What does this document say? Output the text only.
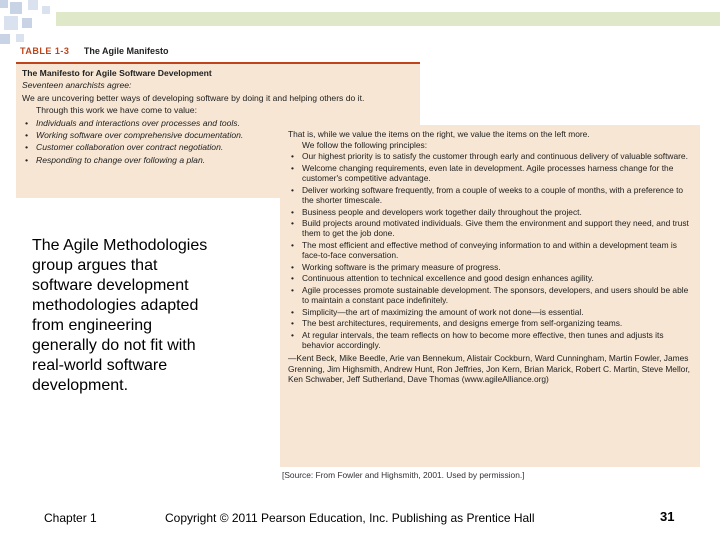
TABLE 1-3 The Agile Manifesto
The Manifesto for Agile Software Development
Seventeen anarchists agree:
We are uncovering better ways of developing software by doing it and helping others do it.
Through this work we have come to value:
• Individuals and interactions over processes and tools.
• Working software over comprehensive documentation.
• Customer collaboration over contract negotiation.
• Responding to change over following a plan.
That is, while we value the items on the right, we value the items on the left more.
We follow the following principles:
• Our highest priority is to satisfy the customer through early and continuous delivery of valuable software.
• Welcome changing requirements, even late in development. Agile processes harness change for the customer's competitive advantage.
• Deliver working software frequently, from a couple of weeks to a couple of months, with a preference to the shorter timescale.
• Business people and developers work together daily throughout the project.
• Build projects around motivated individuals. Give them the environment and support they need, and trust them to get the job done.
• The most efficient and effective method of conveying information to and within a development team is face-to-face conversation.
• Working software is the primary measure of progress.
• Continuous attention to technical excellence and good design enhances agility.
• Agile processes promote sustainable development. The sponsors, developers, and users should be able to maintain a constant pace indefinitely.
• Simplicity—the art of maximizing the amount of work not done—is essential.
• The best architectures, requirements, and designs emerge from self-organizing teams.
• At regular intervals, the team reflects on how to become more effective, then tunes and adjusts its behavior accordingly.
—Kent Beck, Mike Beedle, Arie van Bennekum, Alistair Cockburn, Ward Cunningham, Martin Fowler, James Grenning, Jim Highsmith, Andrew Hunt, Ron Jeffries, Jon Kern, Brian Marick, Robert C. Martin, Steve Mellor, Ken Schwaber, Jeff Sutherland, Dave Thomas (www.agileAlliance.org)
[Source: From Fowler and Highsmith, 2001. Used by permission.]
The Agile Methodologies group argues that software development methodologies adapted from engineering generally do not fit with real-world software development.
Chapter 1	Copyright © 2011 Pearson Education, Inc. Publishing as Prentice Hall	31
